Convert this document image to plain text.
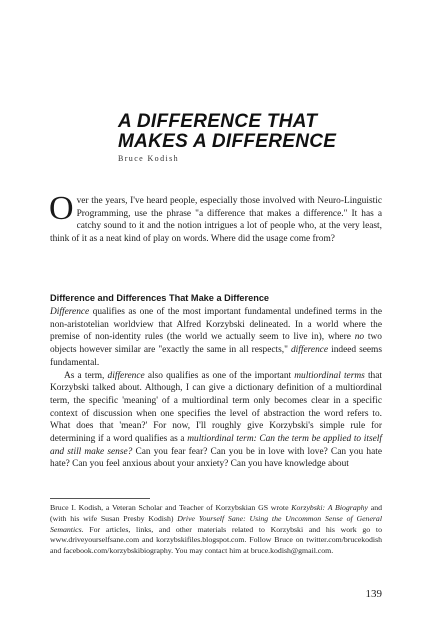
A DIFFERENCE THAT
MAKES A DIFFERENCE
Bruce Kodish

Over the years, I've heard people, especially those involved with Neuro-Linguistic Programming, use the phrase "a difference that makes a difference." It has a catchy sound to it and the notion intrigues a lot of people who, at the very least, think of it as a neat kind of play on words. Where did the usage come from?

Difference and Differences That Make a Difference

Difference qualifies as one of the most important fundamental undefined terms in the non-aristotelian worldview that Alfred Korzybski delineated. In a world where the premise of non-identity rules (the world we actually seem to live in), where no two objects however similar are "exactly the same in all respects," difference indeed seems fundamental.

As a term, difference also qualifies as one of the important multiordinal terms that Korzybski talked about. Although, I can give a dictionary definition of a multiordinal term, the specific 'meaning' of a multiordinal term only becomes clear in a specific context of discussion when one specifies the level of abstraction the word refers to. What does that 'mean?' For now, I'll roughly give Korzybski's simple rule for determining if a word qualifies as a multiordinal term: Can the term be applied to itself and still make sense? Can you fear fear? Can you be in love with love? Can you hate hate? Can you feel anxious about your anxiety? Can you have knowledge about

Bruce I. Kodish, a Veteran Scholar and Teacher of Korzybskian GS wrote Korzybski: A Biography and (with his wife Susan Presby Kodish) Drive Yourself Sane: Using the Uncommon Sense of General Semantics. For articles, links, and other materials related to Korzybski and his work go to www.driveyourselfsane.com and korzybskifiles.blogspot.com. Follow Bruce on twitter.com/brucekodish and facebook.com/korzybskibiography. You may contact him at bruce.kodish@gmail.com.

139
